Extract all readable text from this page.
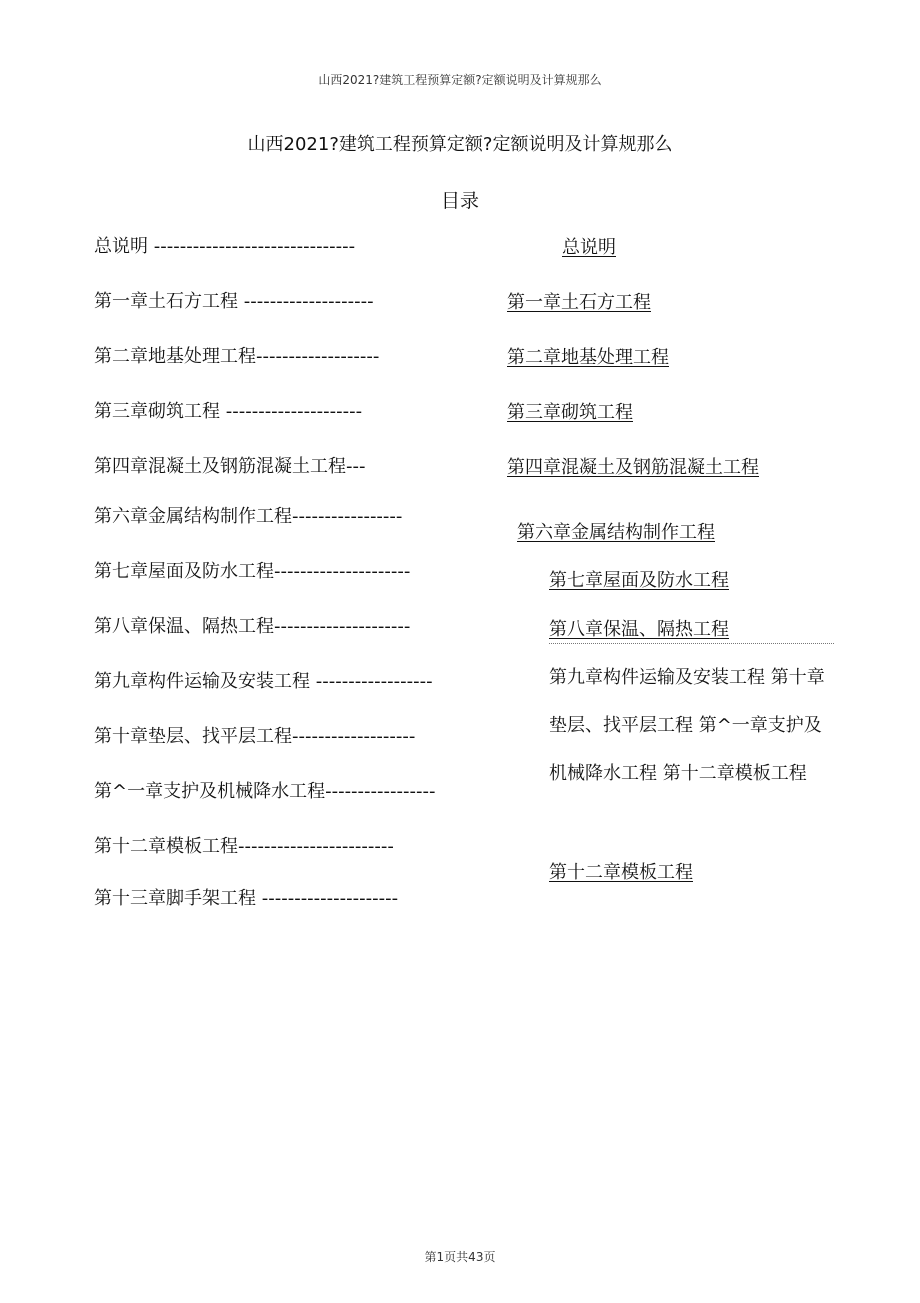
山西2021?建筑工程预算定额?定额说明及计算规那么
山西2021?建筑工程预算定额?定额说明及计算规那么
目录
总说明 -------------------------------
第一章土石方工程 --------------------
第二章地基处理工程-------------------
第三章砌筑工程 ---------------------
第四章混凝土及钢筋混凝土工程---
第六章金属结构制作工程-----------------
第七章屋面及防水工程---------------------
第八章保温、隔热工程---------------------
第九章构件运输及安装工程 ------------------
第十章垫层、找平层工程-------------------
第^一章支护及机械降水工程-----------------
第十二章模板工程------------------------
第十三章脚手架工程 ---------------------
总说明
第一章土石方工程
第二章地基处理工程
第三章砌筑工程
第四章混凝土及钢筋混凝土工程
第六章金属结构制作工程
第七章屋面及防水工程
第八章保温、隔热工程
第九章构件运输及安装工程 第十章垫层、找平层工程 第^一章支护及机械降水工程 第十二章模板工程
第十二章模板工程
第1页共43页
